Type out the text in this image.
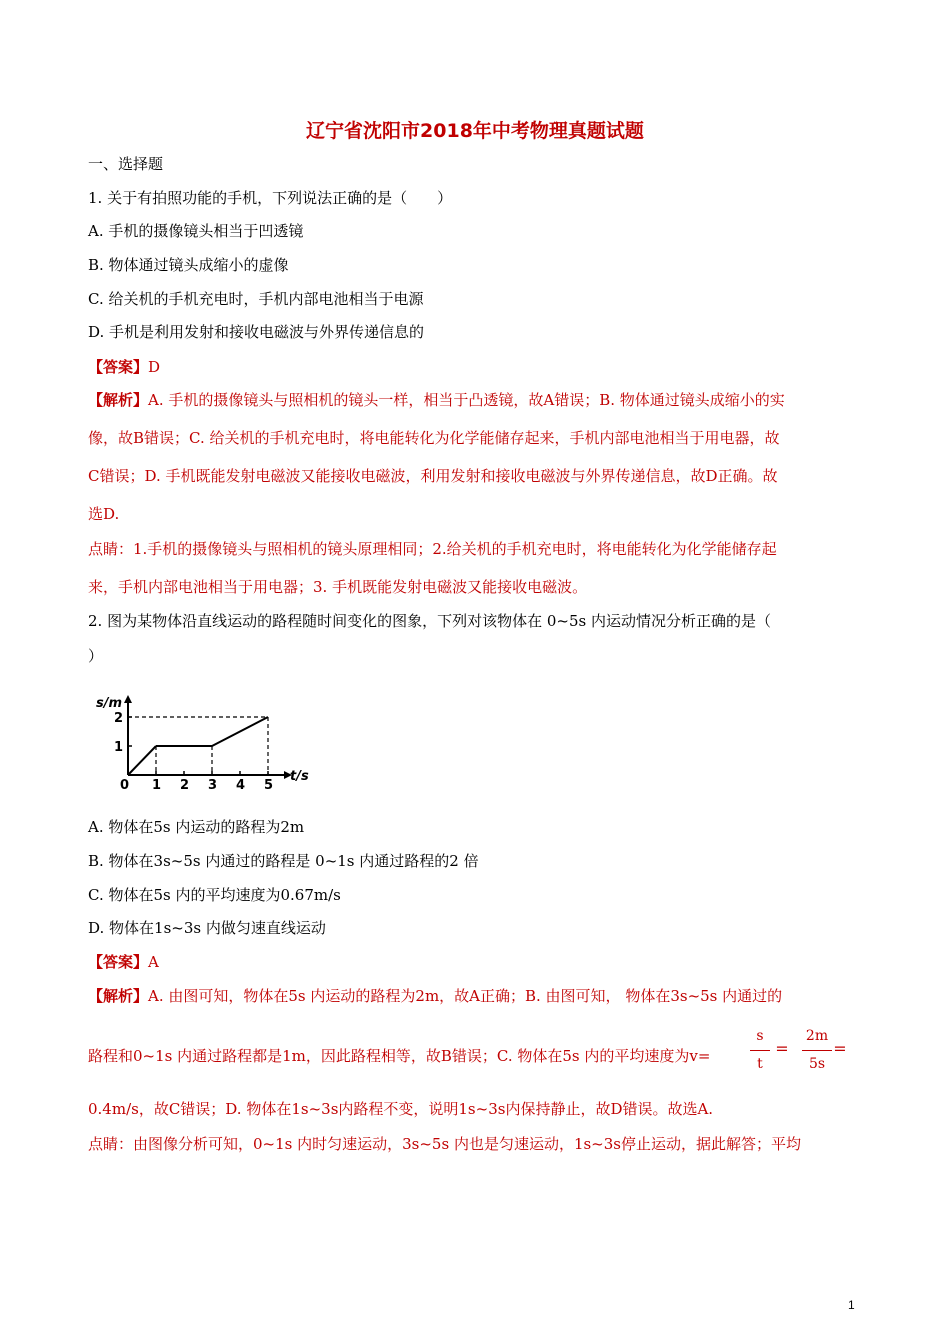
辽宁省沈阳市2018年中考物理真题试题
一、选择题
1. 关于有拍照功能的手机，下列说法正确的是（　　）
A. 手机的摄像镜头相当于凹透镜
B. 物体通过镜头成缩小的虚像
C. 给关机的手机充电时，手机内部电池相当于电源
D. 手机是利用发射和接收电磁波与外界传递信息的
【答案】D
【解析】A. 手机的摄像镜头与照相机的镜头一样，相当于凸透镜，故A错误；B. 物体通过镜头成缩小的实
像，故B错误；C. 给关机的手机充电时，将电能转化为化学能储存起来，手机内部电池相当于用电器，故
C错误；D. 手机既能发射电磁波又能接收电磁波，利用发射和接收电磁波与外界传递信息，故D正确。故
选D.
点睛：1.手机的摄像镜头与照相机的镜头原理相同；2.给关机的手机充电时，将电能转化为化学能储存起
来，手机内部电池相当于用电器；3. 手机既能发射电磁波又能接收电磁波。
2. 图为某物体沿直线运动的路程随时间变化的图象，下列对该物体在 0~5s 内运动情况分析正确的是（
）
s/m
t/s
0 1 2 3 4 5
1
2
A. 物体在5s 内运动的路程为2m
B. 物体在3s~5s 内通过的路程是 0~1s 内通过路程的2 倍
C. 物体在5s 内的平均速度为0.67m/s
D. 物体在1s~3s 内做匀速直线运动
【答案】A
【解析】A. 由图可知，物体在5s 内运动的路程为2m，故A正确；B. 由图可知， 物体在3s~5s 内通过的
路程和0~1s 内通过路程都是1m，因此路程相等，故B错误；C. 物体在5s 内的平均速度为v=
s
t
=
2m
5s
=
0.4m/s，故C错误；D. 物体在1s~3s内路程不变，说明1s~3s内保持静止，故D错误。故选A.
点睛：由图像分析可知，0~1s 内时匀速运动，3s~5s 内也是匀速运动，1s~3s停止运动，据此解答；平均
1
